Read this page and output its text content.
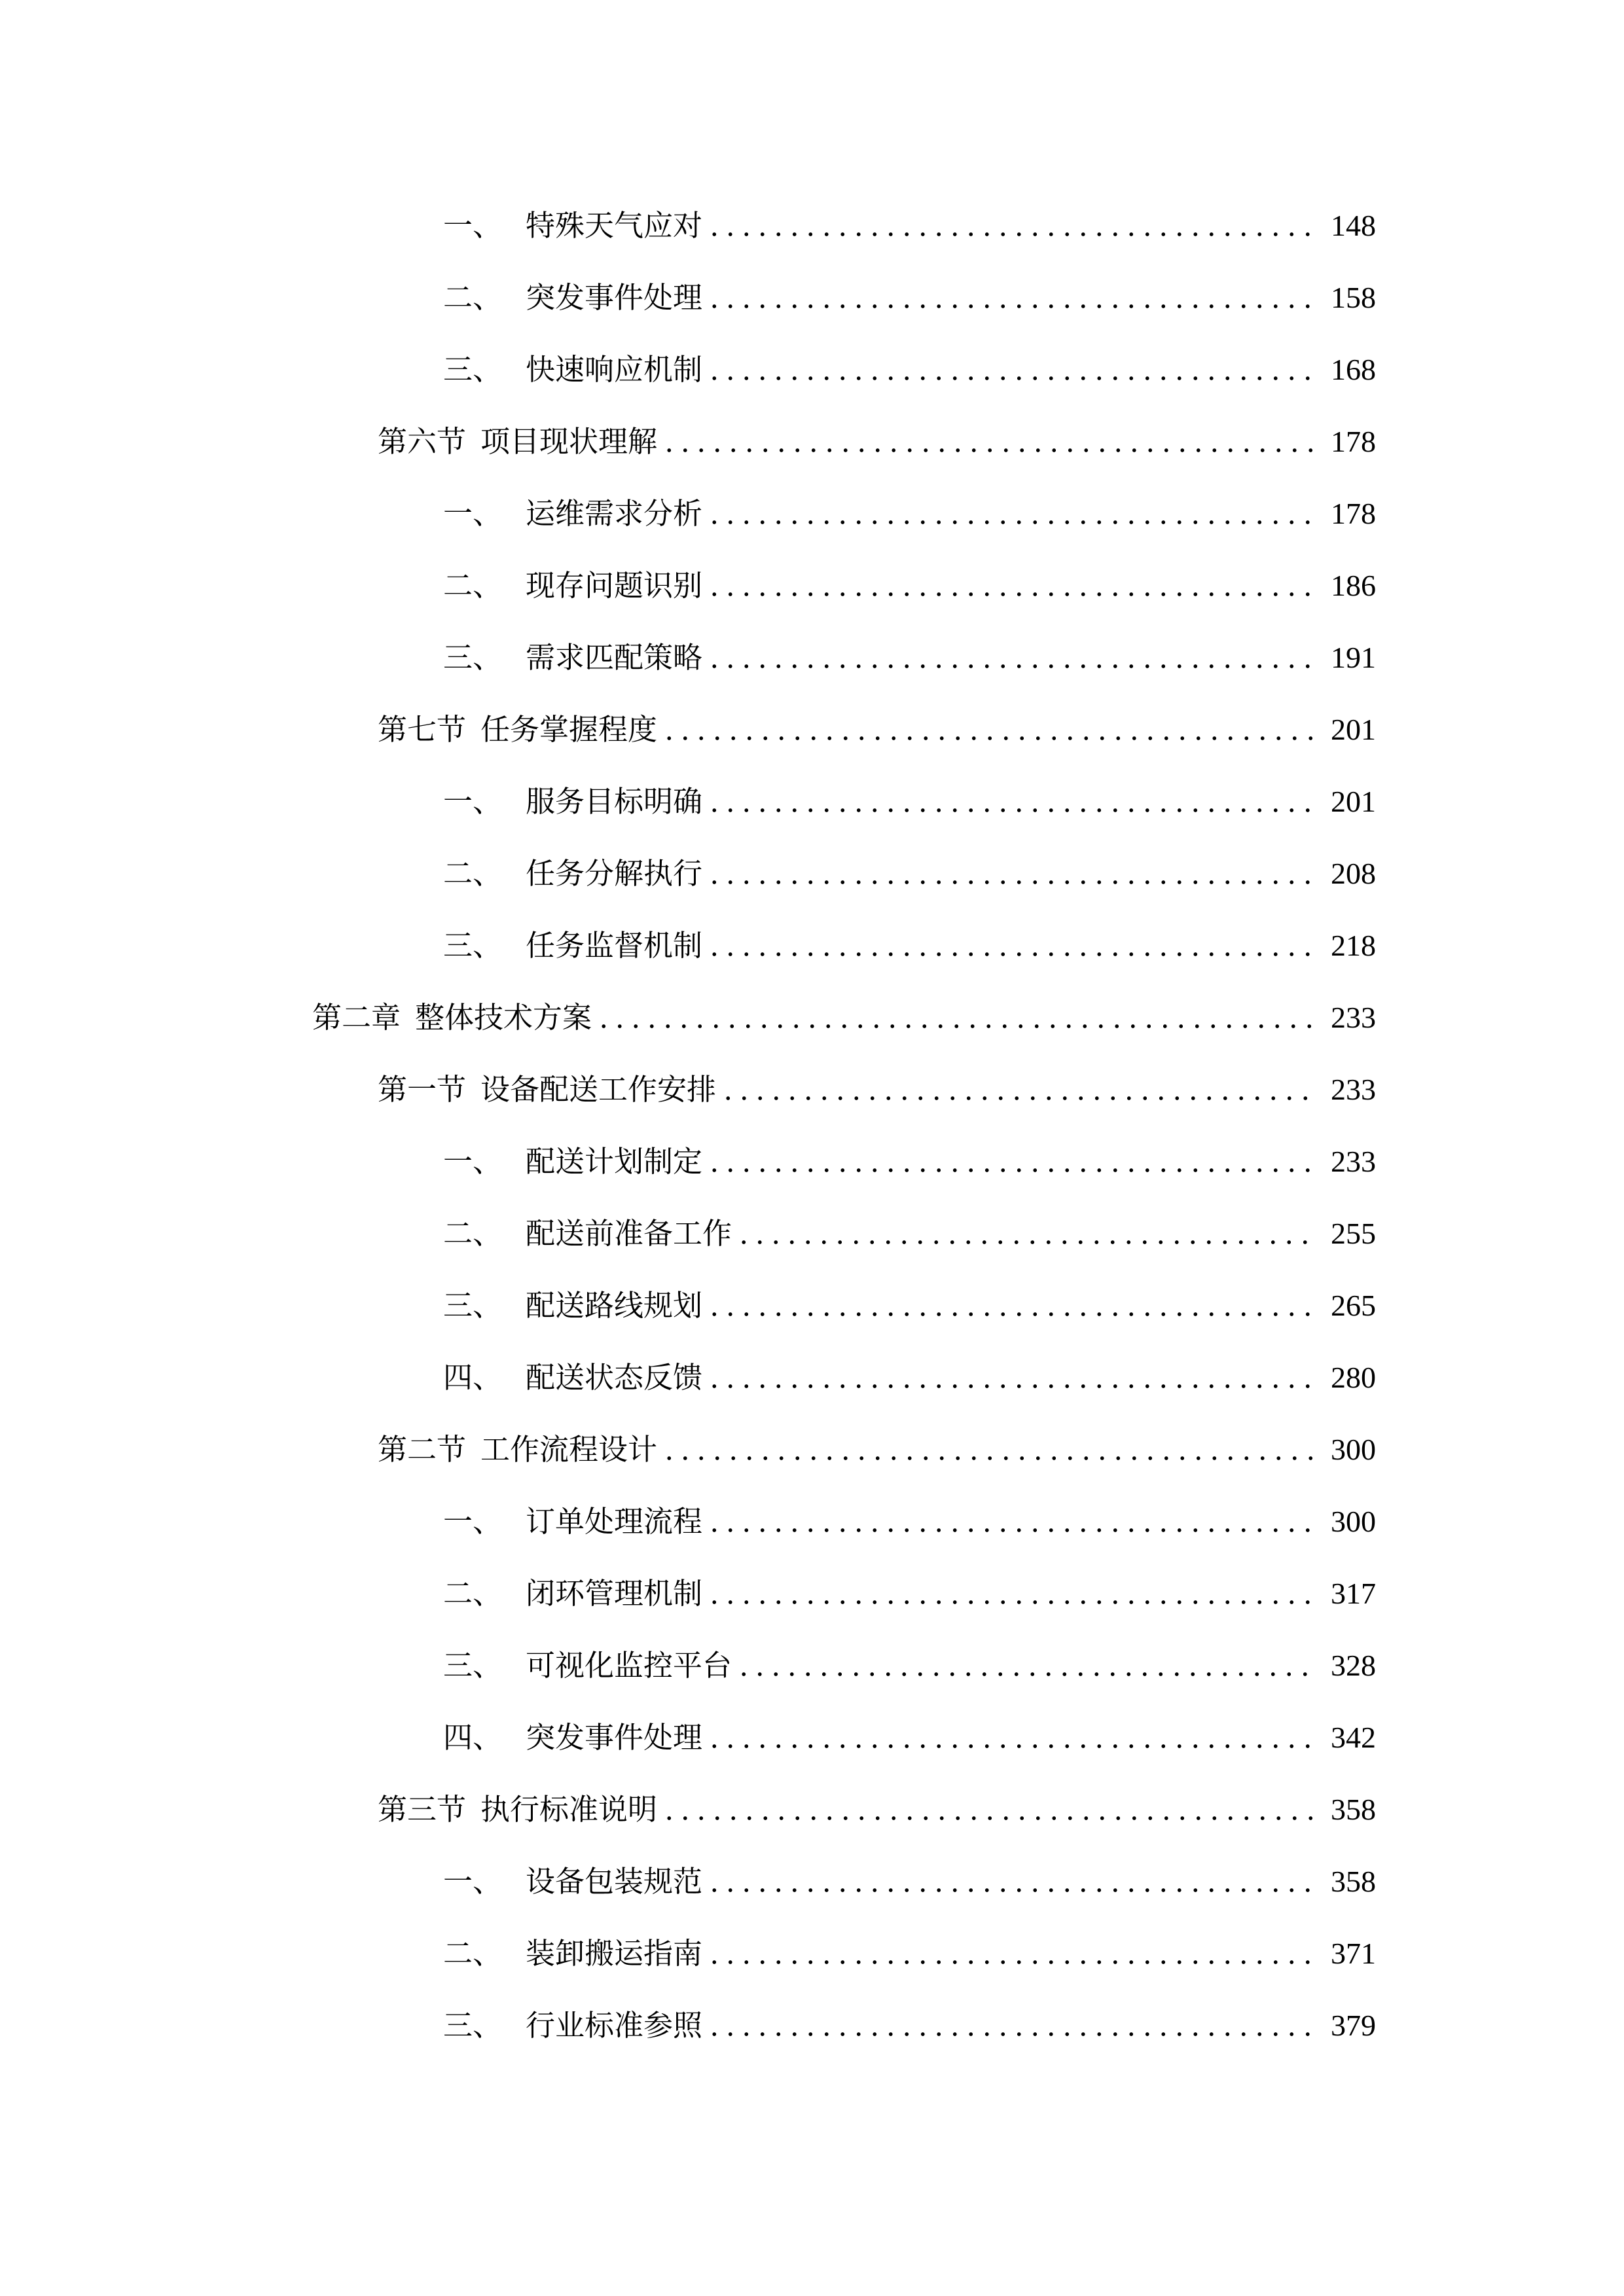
一、 特殊天气应对	148
二、 突发事件处理	158
三、 快速响应机制	168
第六节 项目现状理解	178
一、 运维需求分析	178
二、 现存问题识别	186
三、 需求匹配策略	191
第七节 任务掌握程度	201
一、 服务目标明确	201
二、 任务分解执行	208
三、 任务监督机制	218
第二章 整体技术方案	233
第一节 设备配送工作安排	233
一、 配送计划制定	233
二、 配送前准备工作	255
三、 配送路线规划	265
四、 配送状态反馈	280
第二节 工作流程设计	300
一、 订单处理流程	300
二、 闭环管理机制	317
三、 可视化监控平台	328
四、 突发事件处理	342
第三节 执行标准说明	358
一、 设备包装规范	358
二、 装卸搬运指南	371
三、 行业标准参照	379
